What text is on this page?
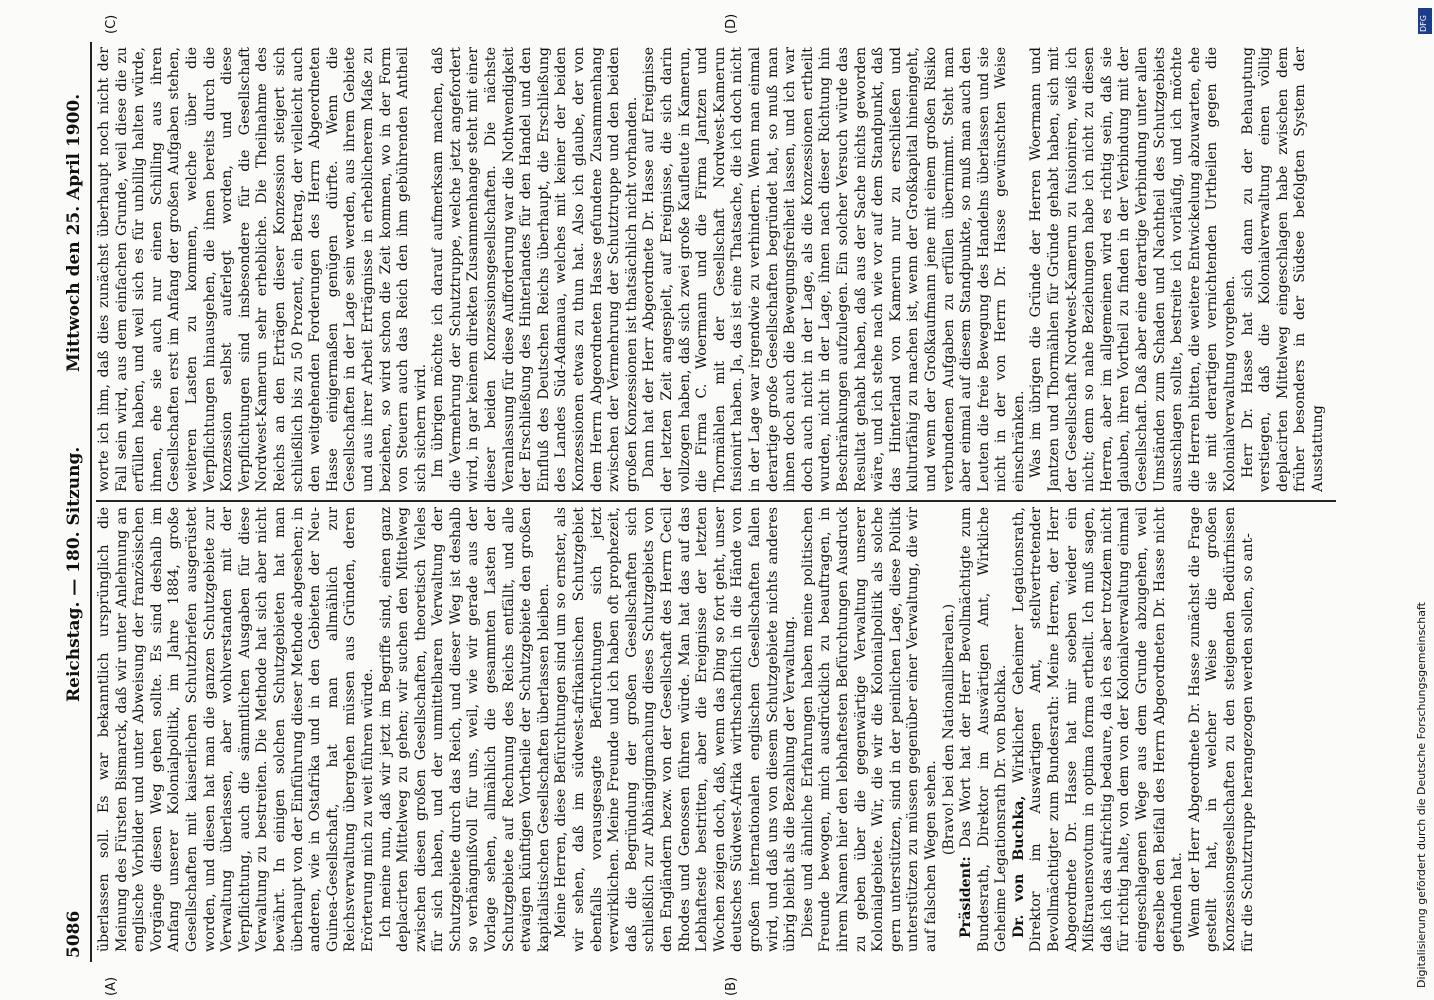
5086
Reichstag. — 180. Sitzung.
Mittwoch den 25. April 1900.
(A)	(B)
(C)	(D)

überlassen soll. Es war bekanntlich ursprünglich die Meinung des Fürsten Bismarck, daß wir unter Anlehnung an englische Vorbilder und unter Abweisung der französischen Vorgänge diesen Weg gehen sollte. Es sind deshalb im Anfang unserer Kolonialpolitik, im Jahre 1884, große Gesellschaften mit kaiserlichen Schutzbriefen ausgerüstet worden, und diesen hat man die ganzen Schutzgebiete zur Verwaltung überlassen, aber wohlverstanden mit der Verpflichtung, auch die sämmtlichen Ausgaben für diese Verwaltung zu bestreiten. Die Methode hat sich aber nicht bewährt. In einigen solchen Schutzgebieten hat man überhaupt von der Einführung dieser Methode abgesehen; in anderen, wie in Ostafrika und in den Gebieten der Neu-Guinea-Gesellschaft, hat man allmählich zur Reichsverwaltung übergehen müssen aus Gründen, deren Erörterung mich zu weit führen würde. Ich meine nun, daß wir jetzt im Begriffe sind, einen ganz deplacirten Mittelweg zu gehen; wir suchen den Mittelweg zwischen diesen großen Gesellschaften, theoretisch Vieles für sich haben, und der unmittelbaren Verwaltung der Schutzgebiete durch das Reich, und dieser Weg ist deshalb so verhängnißvoll für uns, weil, wie wir gerade aus der Vorlage sehen, allmählich die gesammten Lasten der Schutzgebiete auf Rechnung des Reichs entfällt, und alle etwaigen künftigen Vortheile der Schutzgebiete den großen kapitalistischen Gesellschaften überlassen bleiben. Meine Herren, diese Befürchtungen sind um so ernster, als wir sehen, daß im südwest-afrikanischen Schutzgebiet ebenfalls vorausgesagte Befürchtungen sich jetzt verwirklichen. Meine Freunde und ich haben oft prophezeit, daß die Begründung der großen Gesellschaften sich schließlich zur Abhängigmachung dieses Schutzgebiets von den Engländern bezw. von der Gesellschaft des Herrn Cecil Rhodes und Genossen führen würde. Man hat das auf das Lebhafteste bestritten, aber die Ereignisse der letzten Wochen zeigen doch, daß, wenn das Ding so fort geht, unser deutsches Südwest-Afrika wirthschaftlich in die Hände von großen internationalen englischen Gesellschaften fallen wird, und daß uns von diesem Schutzgebiete nichts anderes übrig bleibt als die Bezahlung der Verwaltung. Diese und ähnliche Erfahrungen haben meine politischen Freunde bewogen, mich ausdrücklich zu beauftragen, in ihrem Namen hier den lebhaftesten Befürchtungen Ausdruck zu geben über die gegenwärtige Verwaltung unserer Kolonialgebiete. Wir, die wir die Kolonialpolitik als solche gern unterstützen, sind in der peinlichen Lage, diese Politik unterstützen zu müssen gegenüber einer Verwaltung, die wir auf falschen Wegen sehen.

(Bravo! bei den Nationalliberalen.)

Präsident: Das Wort hat der Herr Bevollmächtigte zum Bundesrath, Direktor im Auswärtigen Amt, Wirkliche Geheime Legationsrath Dr. von Buchka. Dr. von Buchka, Wirklicher Geheimer Legationsrath, Direktor im Auswärtigen Amt, stellvertretender Bevollmächtigter zum Bundesrath: Meine Herren, der Herr Abgeordnete Dr. Hasse hat mir soeben wieder ein Mißtrauensvotum in optima forma ertheilt. Ich muß sagen, daß ich das aufrichtig bedaure, da ich es aber trotzdem nicht für richtig halte, von dem von der Kolonialverwaltung einmal eingeschlagenen Wege aus dem Grunde abzugehen, weil derselbe den Beifall des Herrn Abgeordneten Dr. Hasse nicht gefunden hat. Wenn der Herr Abgeordnete Dr. Hasse zunächst die Frage gestellt hat, in welcher Weise die großen Konzessionsgesellschaften zu den steigenden Bedürfnissen für die Schutztruppe herangezogen werden sollen, so ant-

worte ich ihm, daß dies zunächst überhaupt noch nicht der Fall sein wird, aus dem einfachen Grunde, weil diese die zu erfüllen haben, und weil sich es für unbillig halten würde, ihnen, ehe sie auch nur einen Schilling aus ihren Gesellschaften erst im Anfang der großen Aufgaben stehen, weiteren Lasten zu kommen, welche über die Verpflichtungen hinausgehen, die ihnen bereits durch die Konzession selbst auferlegt worden, und diese Verpflichtungen sind insbesondere für die Gesellschaft Nordwest-Kamerun sehr erhebliche. Die Theilnahme des Reichs an den Erträgen dieser Konzession steigert sich schließlich bis zu 50 Prozent, ein Betrag, der vielleicht auch den weitgehenden Forderungen des Herrn Abgeordneten Hasse einigermaßen genügen dürfte. Wenn die Gesellschaften in der Lage sein werden, aus ihrem Gebiete und aus ihrer Arbeit Erträgnisse in erheblicherem Maße zu beziehen, so wird schon die Zeit kommen, wo in der Form von Steuern auch das Reich den ihm gebührenden Antheil sich sichern wird. Im übrigen möchte ich darauf aufmerksam machen, daß die Vermehrung der Schutztruppe, welche jetzt angefordert wird, in gar keinem direkten Zusammenhange steht mit einer dieser beiden Konzessionsgesellschaften. Die nächste Veranlassung für diese Aufforderung war die Nothwendigkeit der Erschließung des Hinterlandes für den Handel und den Einfluß des Deutschen Reichs überhaupt, die Erschließung des Landes Süd-Adamaua, welches mit keiner der beiden Konzessionen etwas zu thun hat. Also ich glaube, der von dem Herrn Abgeordneten Hasse gefundene Zusammenhang zwischen der Vermehrung der Schutztruppe und den beiden großen Konzessionen ist thatsächlich nicht vorhanden. Dann hat der Herr Abgeordnete Dr. Hasse auf Ereignisse der letzten Zeit angespielt, auf Ereignisse, die sich darin vollzogen haben, daß sich zwei große Kaufleute in Kamerun, die Firma C. Woermann und die Firma Jantzen und Thormählen mit der Gesellschaft Nordwest-Kamerun fusionirt haben. Ja, das ist eine Thatsache, die ich doch nicht in der Lage war irgendwie zu verhindern. Wenn man einmal derartige große Gesellschaften begründet hat, so muß man ihnen doch auch die Bewegungsfreiheit lassen, und ich war doch auch nicht in der Lage, als die Konzessionen ertheilt wurden, nicht in der Lage, ihnen nach dieser Richtung hin Beschränkungen aufzulegen. Ein solcher Versuch würde das Resultat gehabt haben, daß aus der Sache nichts geworden wäre, und ich stehe nach wie vor auf dem Standpunkt, daß das Hinterland von Kamerun nur zu erschließen und kulturfähig zu machen ist, wenn der Großkapital hineingeht, und wenn der Großkaufmann jene mit einem großen Risiko verbundenen Aufgaben zu erfüllen übernimmt. Steht man aber einmal auf diesem Standpunkte, so muß man auch den Leuten die freie Bewegung des Handelns überlassen und sie nicht in der von Herrn Dr. Hasse gewünschten Weise einschränken. Was im übrigen die Gründe der Herren Woermann und Jantzen und Thormählen für Gründe gehabt haben, sich mit der Gesellschaft Nordwest-Kamerun zu fusioniren, weiß ich nicht; denn so nahe Beziehungen habe ich nicht zu diesen Herren, aber im allgemeinen wird es richtig sein, daß sie glauben, ihren Vortheil zu finden in der Verbindung mit der Gesellschaft. Daß aber eine derartige Verbindung unter allen Umständen zum Schaden und Nachtheil des Schutzgebiets ausschlagen sollte, bestreite ich vorläufig, und ich möchte die Herren bitten, die weitere Entwickelung abzuwarten, ehe sie mit derartigen vernichtenden Urtheilen gegen die Kolonialverwaltung vorgehen. Herr Dr. Hasse hat sich dann zu der Behauptung verstiegen, daß die Kolonialverwaltung einen völlig deplacirten Mittelweg eingeschlagen habe zwischen dem früher besonders in der Südsee befolgten System der Ausstattung

Digitalisierung gefördert durch die Deutsche Forschungsgemeinschaft
DFG
